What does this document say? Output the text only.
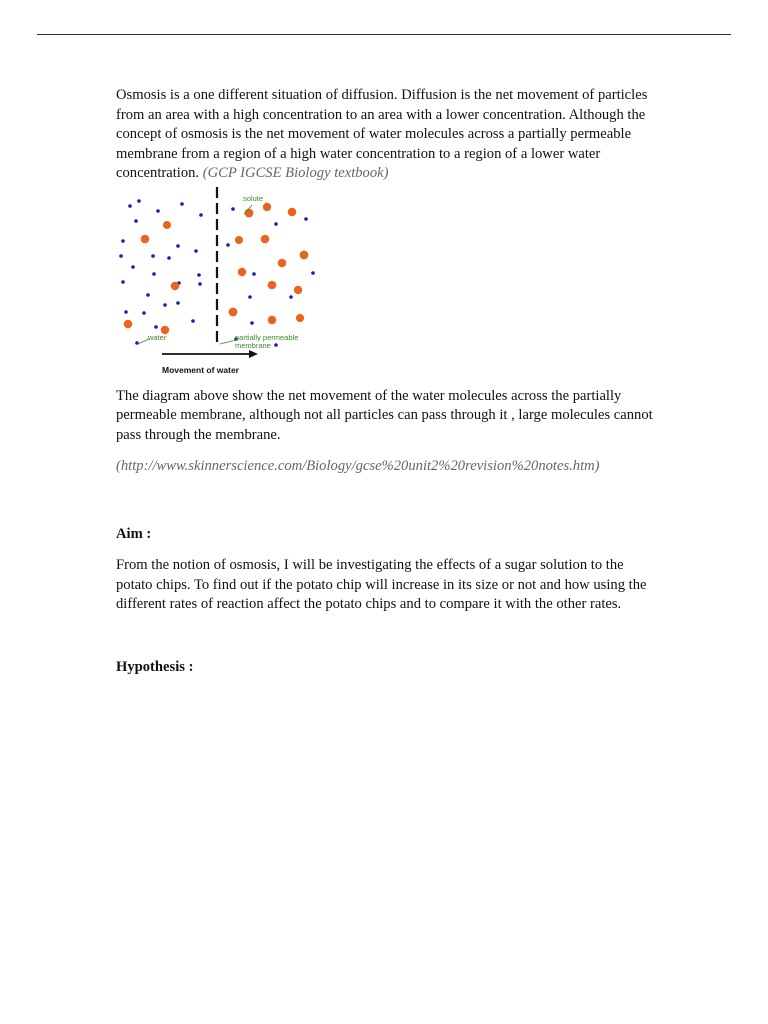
Osmosis is a one different situation of diffusion. Diffusion is the net movement of particles from an area with a high concentration to an area with a lower concentration. Although the concept of osmosis is the net movement of water molecules across a partially permeable membrane from a region of a high water concentration to a region of a lower water concentration. (GCP IGCSE Biology textbook)

solute
water	partially permeable membrane
Movement of water

The diagram above show the net movement of the water molecules across the partially permeable membrane, although not all particles can pass through it , large molecules cannot pass through the membrane.

(http://www.skinnerscience.com/Biology/gcse%20unit2%20revision%20notes.htm)

Aim :

From the notion of osmosis, I will be investigating the effects of a sugar solution to the potato chips. To find out if the potato chip will increase in its size or not and how using the different rates of reaction affect the potato chips and to compare it with the other rates.

Hypothesis :
